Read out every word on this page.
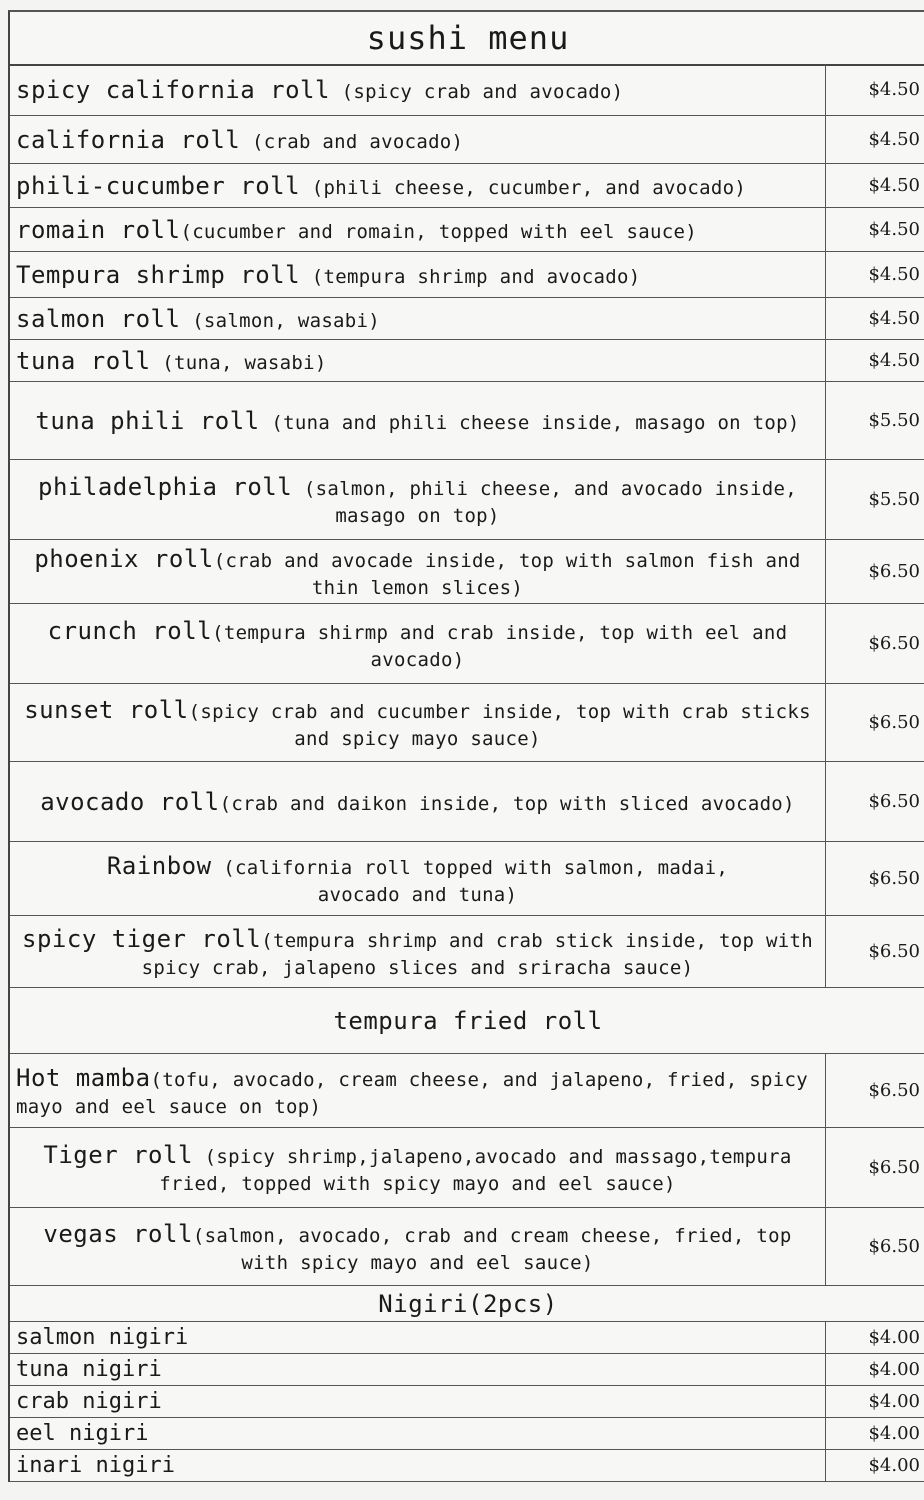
sushi menu
spicy california roll (spicy crab and avocado)	$4.50
california roll (crab and avocado)	$4.50
phili-cucumber roll (phili cheese, cucumber, and avocado)	$4.50
romain roll(cucumber and romain, topped with eel sauce)	$4.50
Tempura shrimp roll (tempura shrimp and avocado)	$4.50
salmon roll (salmon, wasabi)	$4.50
tuna roll (tuna, wasabi)	$4.50
tuna phili roll (tuna and phili cheese inside, masago on top)	$5.50
philadelphia roll (salmon, phili cheese, and avocado inside,
masago on top)
$5.50
phoenix roll(crab and avocade inside, top with salmon fish and
thin lemon slices)
$6.50
crunch roll(tempura shirmp and crab inside, top with eel and
avocado)
$6.50
sunset roll(spicy crab and cucumber inside, top with crab sticks
and spicy mayo sauce)
$6.50
avocado roll(crab and daikon inside, top with sliced avocado)	$6.50
Rainbow (california roll topped with salmon, madai,
avocado and tuna)
$6.50
spicy tiger roll(tempura shrimp and crab stick inside, top with
spicy crab, jalapeno slices and sriracha sauce)
$6.50
tempura fried roll
Hot mamba(tofu, avocado, cream cheese, and jalapeno, fried, spicy
mayo and eel sauce on top)
$6.50
Tiger roll (spicy shrimp,jalapeno,avocado and massago,tempura
fried, topped with spicy mayo and eel sauce)
$6.50
vegas roll(salmon, avocado, crab and cream cheese, fried, top
with spicy mayo and eel sauce)
$6.50
Nigiri(2pcs)
salmon nigiri	$4.00
tuna nigiri	$4.00
crab nigiri	$4.00
eel nigiri	$4.00
inari nigiri	$4.00
